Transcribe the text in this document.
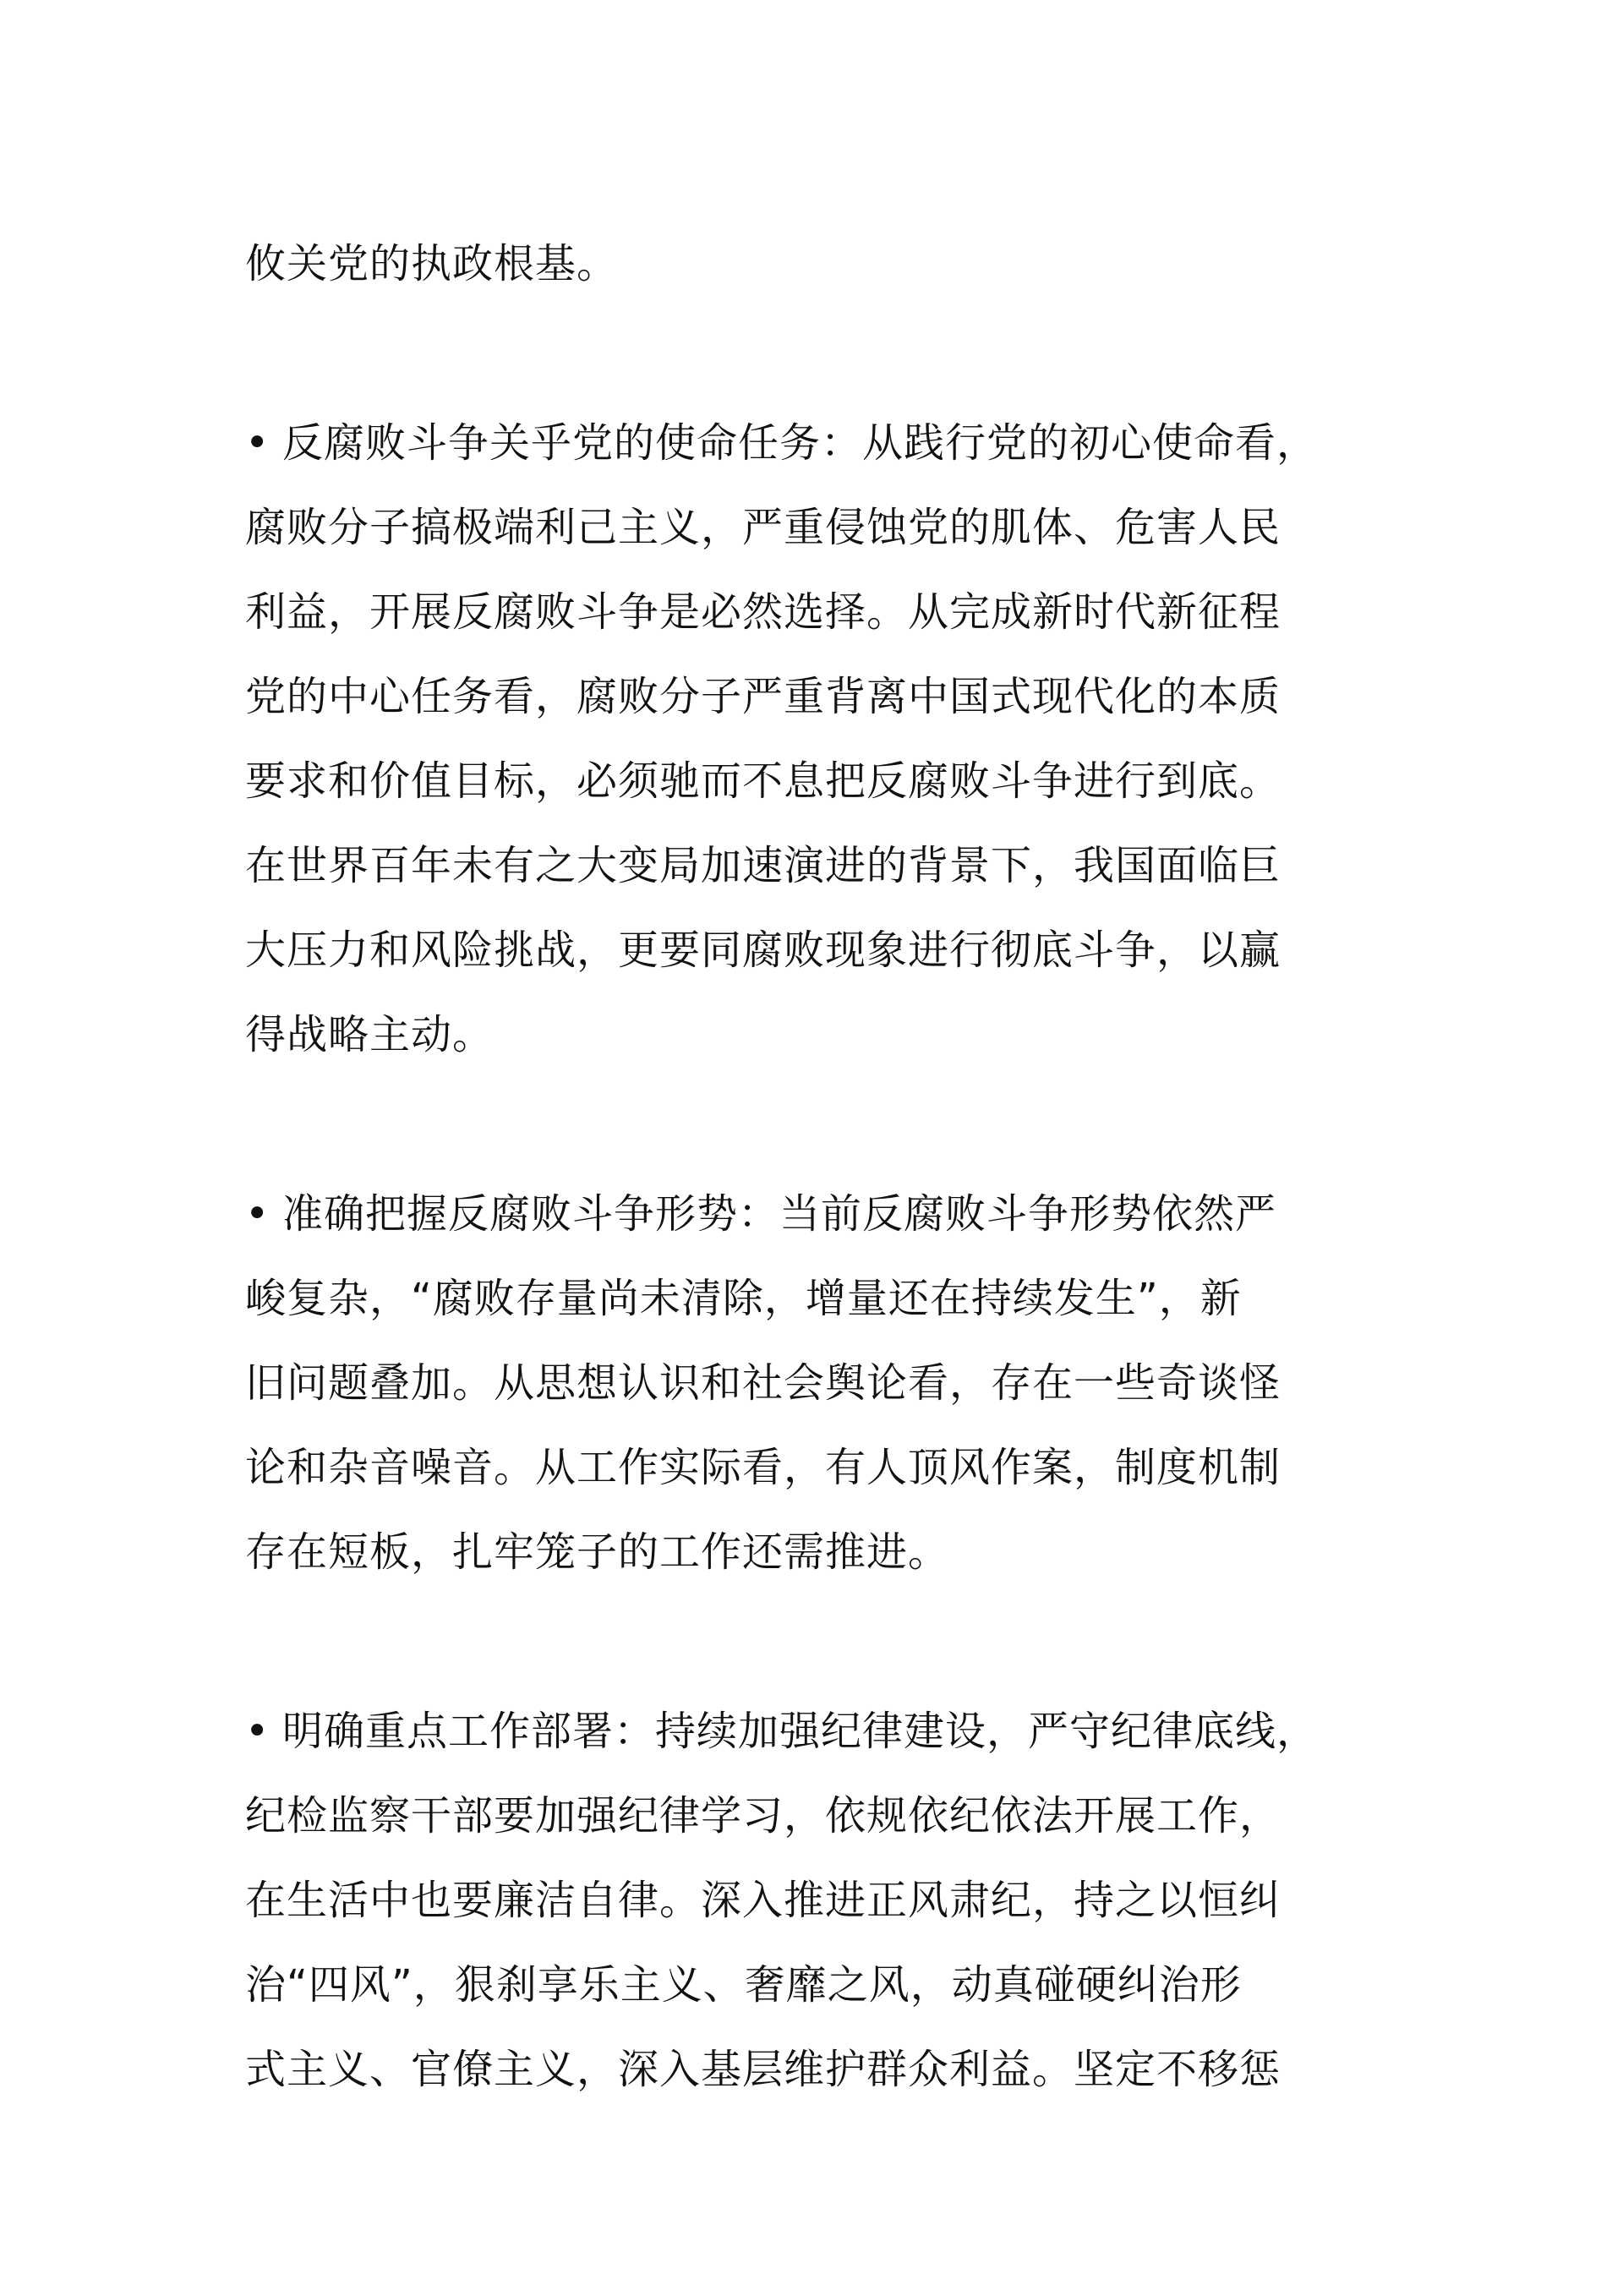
攸关党的执政根基。
• 反腐败斗争关乎党的使命任务：从践行党的初心使命看，
腐败分子搞极端利己主义，严重侵蚀党的肌体、危害人民
利益，开展反腐败斗争是必然选择。从完成新时代新征程
党的中心任务看，腐败分子严重背离中国式现代化的本质
要求和价值目标，必须驰而不息把反腐败斗争进行到底。
在世界百年未有之大变局加速演进的背景下，我国面临巨
大压力和风险挑战，更要同腐败现象进行彻底斗争，以赢
得战略主动。
• 准确把握反腐败斗争形势：当前反腐败斗争形势依然严
峻复杂，“腐败存量尚未清除，增量还在持续发生”，新
旧问题叠加。从思想认识和社会舆论看，存在一些奇谈怪
论和杂音噪音。从工作实际看，有人顶风作案，制度机制
存在短板，扎牢笼子的工作还需推进。
• 明确重点工作部署：持续加强纪律建设，严守纪律底线，
纪检监察干部要加强纪律学习，依规依纪依法开展工作，
在生活中也要廉洁自律。深入推进正风肃纪，持之以恒纠
治“四风”，狠刹享乐主义、奢靡之风，动真碰硬纠治形
式主义、官僚主义，深入基层维护群众利益。坚定不移惩
